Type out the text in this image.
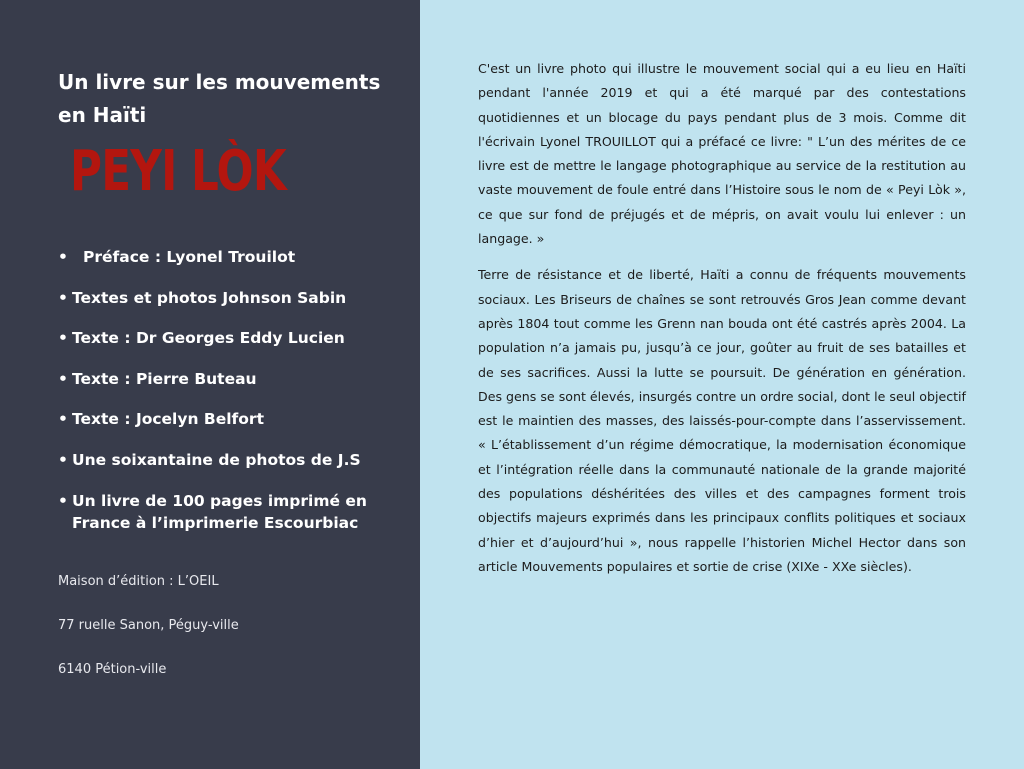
Un livre sur les mouvements en Haïti
PEYI LÒK
• Préface : Lyonel Trouilot
• Textes et photos Johnson Sabin
• Texte : Dr Georges Eddy Lucien
• Texte : Pierre Buteau
• Texte : Jocelyn Belfort
• Une soixantaine de photos de J.S
• Un livre de 100 pages imprimé en France à l’imprimerie Escourbiac
Maison d’édition : L’OEIL
77 ruelle Sanon, Péguy-ville
6140 Pétion-ville

C'est un livre photo qui illustre le mouvement social qui a eu lieu en Haïti pendant l'année 2019 et qui a été marqué par des contestations quotidiennes et un blocage du pays pendant plus de 3 mois. Comme dit l'écrivain Lyonel TROUILLOT qui a préfacé ce livre: " L’un des mérites de ce livre est de mettre le langage photographique au service de la restitution au vaste mouvement de foule entré dans l’Histoire sous le nom de « Peyi Lòk », ce que sur fond de préjugés et de mépris, on avait voulu lui enlever : un langage. »

Terre de résistance et de liberté, Haïti a connu de fréquents mouvements sociaux. Les Briseurs de chaînes se sont retrouvés Gros Jean comme devant après 1804 tout comme les Grenn nan bouda ont été castrés après 2004. La population n’a jamais pu, jusqu’à ce jour, goûter au fruit de ses batailles et de ses sacrifices. Aussi la lutte se poursuit. De génération en génération. Des gens se sont élevés, insurgés contre un ordre social, dont le seul objectif est le maintien des masses, des laissés-pour-compte dans l’asservissement. « L’établissement d’un régime démocratique, la modernisation économique et l’intégration réelle dans la communauté nationale de la grande majorité des populations déshéritées des villes et des campagnes forment trois objectifs majeurs exprimés dans les principaux conflits politiques et sociaux d’hier et d’aujourd’hui », nous rappelle l’historien Michel Hector dans son article Mouvements populaires et sortie de crise (XIXe - XXe siècles).
